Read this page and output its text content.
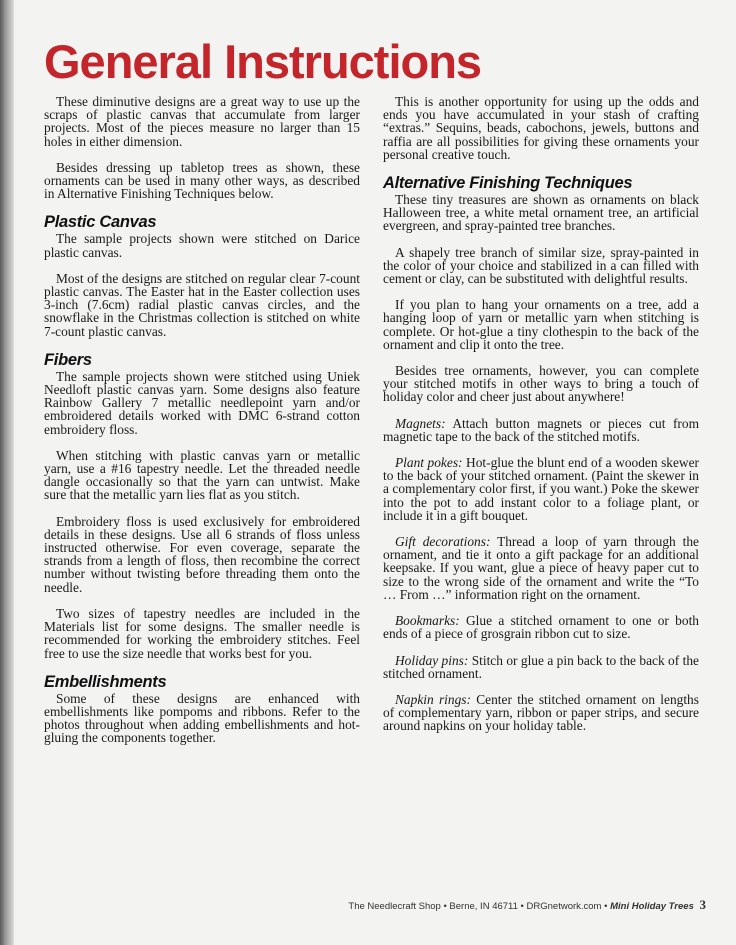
General Instructions

These diminutive designs are a great way to use up the scraps of plastic canvas that accumulate from larger projects. Most of the pieces measure no larger than 15 holes in either dimension.

Besides dressing up tabletop trees as shown, these ornaments can be used in many other ways, as described in Alternative Finishing Techniques below.

Plastic Canvas

The sample projects shown were stitched on Darice plastic canvas.

Most of the designs are stitched on regular clear 7-count plastic canvas. The Easter hat in the Easter collection uses 3-inch (7.6cm) radial plastic canvas circles, and the snowflake in the Christmas collection is stitched on white 7-count plastic canvas.

Fibers

The sample projects shown were stitched using Uniek Needloft plastic canvas yarn. Some designs also feature Rainbow Gallery 7 metallic needlepoint yarn and/or embroidered details worked with DMC 6-strand cotton embroidery floss.

When stitching with plastic canvas yarn or metallic yarn, use a #16 tapestry needle. Let the threaded needle dangle occasionally so that the yarn can untwist. Make sure that the metallic yarn lies flat as you stitch.

Embroidery floss is used exclusively for embroidered details in these designs. Use all 6 strands of floss unless instructed otherwise. For even coverage, separate the strands from a length of floss, then recombine the correct number without twisting before threading them onto the needle.

Two sizes of tapestry needles are included in the Materials list for some designs. The smaller needle is recommended for working the embroidery stitches. Feel free to use the size needle that works best for you.

Embellishments

Some of these designs are enhanced with embellishments like pompoms and ribbons. Refer to the photos throughout when adding embellishments and hot-gluing the components together.

This is another opportunity for using up the odds and ends you have accumulated in your stash of crafting “extras.” Sequins, beads, cabochons, jewels, buttons and raffia are all possibilities for giving these ornaments your personal creative touch.

Alternative Finishing Techniques

These tiny treasures are shown as ornaments on black Halloween tree, a white metal ornament tree, an artificial evergreen, and spray-painted tree branches.

A shapely tree branch of similar size, spray-painted in the color of your choice and stabilized in a can filled with cement or clay, can be substituted with delightful results.

If you plan to hang your ornaments on a tree, add a hanging loop of yarn or metallic yarn when stitching is complete. Or hot-glue a tiny clothespin to the back of the ornament and clip it onto the tree.

Besides tree ornaments, however, you can complete your stitched motifs in other ways to bring a touch of holiday color and cheer just about anywhere!

Magnets: Attach button magnets or pieces cut from magnetic tape to the back of the stitched motifs.

Plant pokes: Hot-glue the blunt end of a wooden skewer to the back of your stitched ornament. (Paint the skewer in a complementary color first, if you want.) Poke the skewer into the pot to add instant color to a foliage plant, or include it in a gift bouquet.

Gift decorations: Thread a loop of yarn through the ornament, and tie it onto a gift package for an additional keepsake. If you want, glue a piece of heavy paper cut to size to the wrong side of the ornament and write the “To … From …” information right on the ornament.

Bookmarks: Glue a stitched ornament to one or both ends of a piece of grosgrain ribbon cut to size.

Holiday pins: Stitch or glue a pin back to the back of the stitched ornament.

Napkin rings: Center the stitched ornament on lengths of complementary yarn, ribbon or paper strips, and secure around napkins on your holiday table.

The Needlecraft Shop • Berne, IN 46711 • DRGnetwork.com • Mini Holiday Trees 3
